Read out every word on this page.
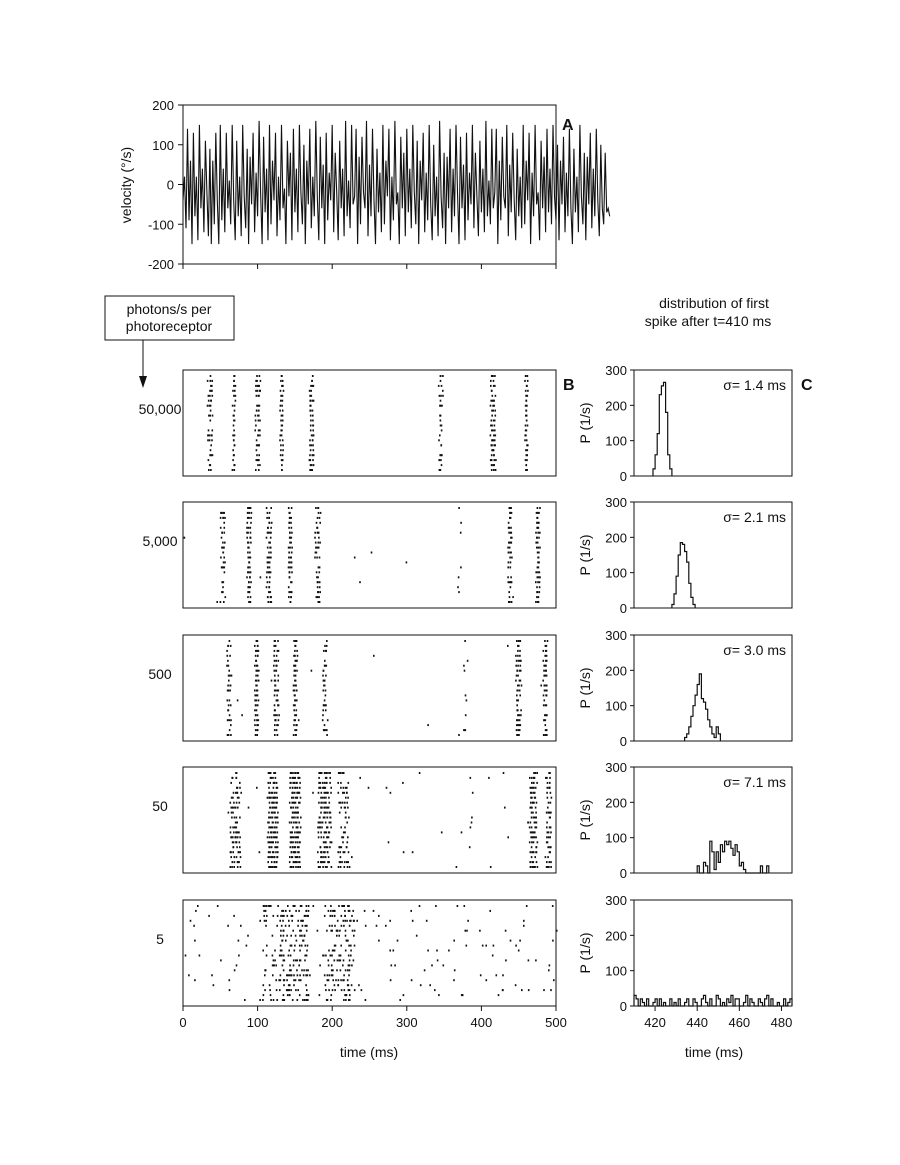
A
velocity (°/s)
200
100
0
-100
-200
photons/s per
photoreceptor
distribution of first
spike after t=410 ms
B	C
50,000
5,000
500
50
5
300
200
100
0
P (1/s)
σ= 1.4 ms
300
200
100
0
P (1/s)
σ= 2.1 ms
300
200
100
0
P (1/s)
σ= 3.0 ms
300
200
100
0
P (1/s)
σ= 7.1 ms
300
200
100
0
P (1/s)
0	100	200	300	400	500
time (ms)
420 440 460 480
time (ms)
